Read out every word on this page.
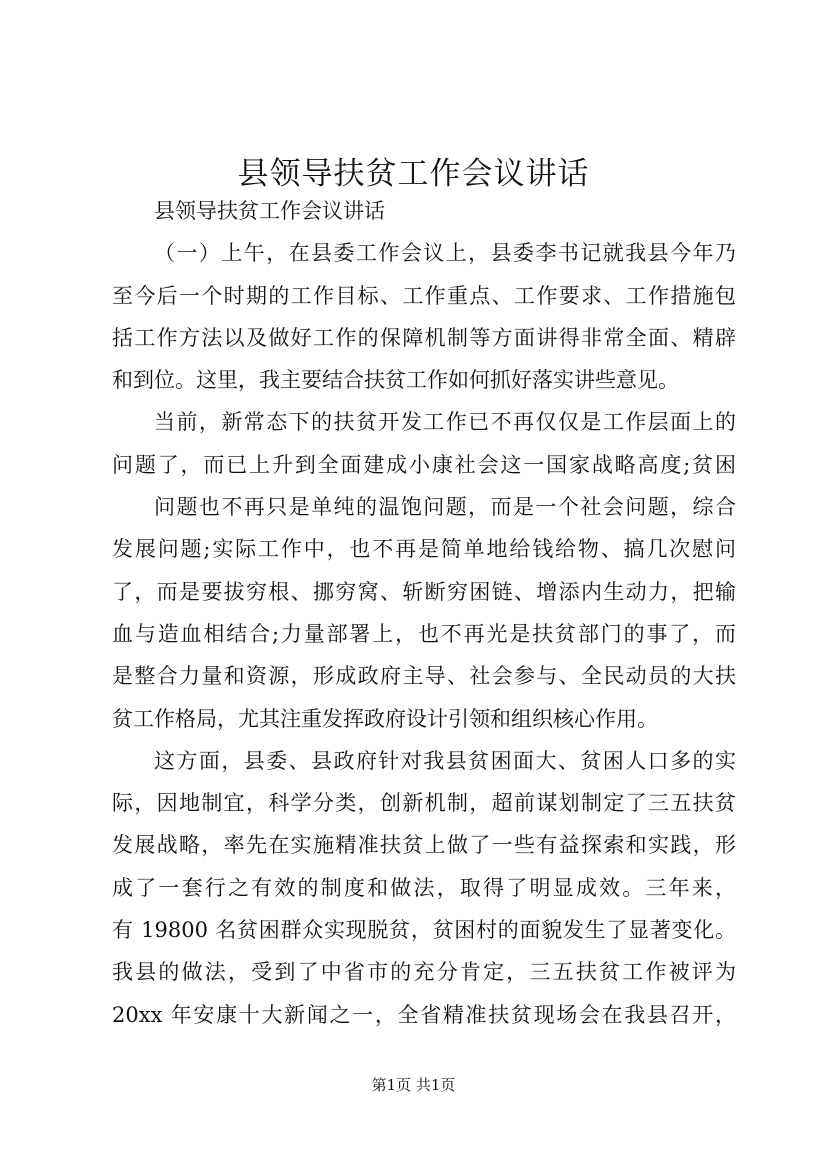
县领导扶贫工作会议讲话
县领导扶贫工作会议讲话
（一）上午，在县委工作会议上，县委李书记就我县今年乃
至今后一个时期的工作目标、工作重点、工作要求、工作措施包
括工作方法以及做好工作的保障机制等方面讲得非常全面、精辟
和到位。这里，我主要结合扶贫工作如何抓好落实讲些意见。
当前，新常态下的扶贫开发工作已不再仅仅是工作层面上的
问题了，而已上升到全面建成小康社会这一国家战略高度;贫困
问题也不再只是单纯的温饱问题，而是一个社会问题，综合
发展问题;实际工作中，也不再是简单地给钱给物、搞几次慰问
了，而是要拔穷根、挪穷窝、斩断穷困链、增添内生动力，把输
血与造血相结合;力量部署上，也不再光是扶贫部门的事了，而
是整合力量和资源，形成政府主导、社会参与、全民动员的大扶
贫工作格局，尤其注重发挥政府设计引领和组织核心作用。
这方面，县委、县政府针对我县贫困面大、贫困人口多的实
际，因地制宜，科学分类，创新机制，超前谋划制定了三五扶贫
发展战略，率先在实施精准扶贫上做了一些有益探索和实践，形
成了一套行之有效的制度和做法，取得了明显成效。三年来，
有 19800 名贫困群众实现脱贫，贫困村的面貌发生了显著变化。
我县的做法，受到了中省市的充分肯定，三五扶贫工作被评为
20xx 年安康十大新闻之一，全省精准扶贫现场会在我县召开，
第1页 共1页
